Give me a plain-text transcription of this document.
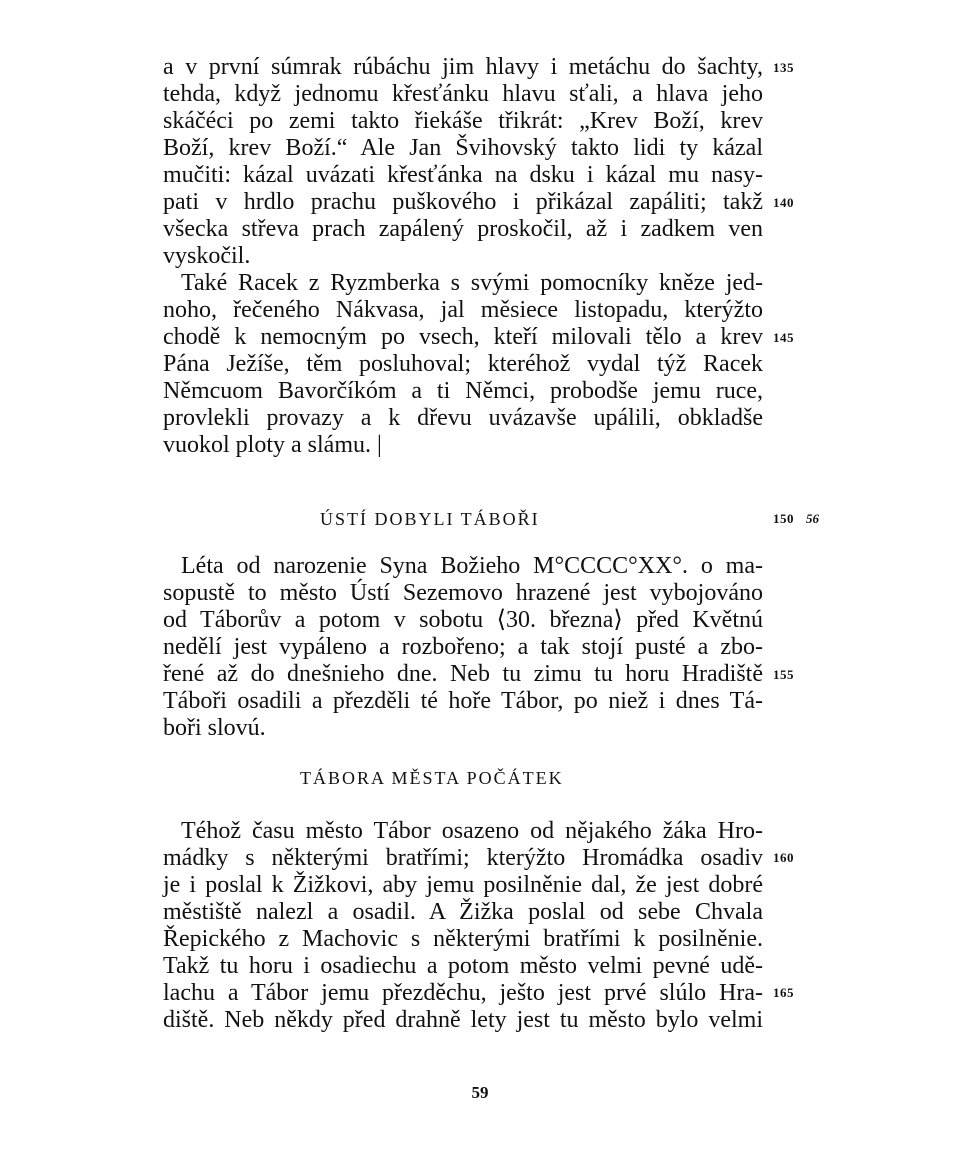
a v první súmrak rúbáchu jim hlavy i metáchu do šachty,
tehda, když jednomu křesťánku hlavu sťali, a hlava jeho
skáčéci po zemi takto řiekáše třikrát: „Krev Boží, krev
Boží, krev Boží.“ Ale Jan Švihovský takto lidi ty kázal
mučiti: kázal uvázati křesťánka na dsku i kázal mu nasy-
pati v hrdlo prachu puškového i přikázal zapáliti; takž
všecka střeva prach zapálený proskočil, až i zadkem ven
vyskočil.
Také Racek z Ryzmberka s svými pomocníky kněze jed-
noho, řečeného Nákvasa, jal měsiece listopadu, kterýžto
chodě k nemocným po vsech, kteří milovali tělo a krev
Pána Ježíše, těm posluhoval; kteréhož vydal týž Racek
Němcuom Bavorčíkóm a ti Němci, probodše jemu ruce,
provlekli provazy a k dřevu uvázavše upálili, obkladše
vuokol ploty a slámu. |
ÚSTÍ DOBYLI TÁBOŘI
Léta od narozenie Syna Božieho M°CCCC°XX°. o ma-
sopustě to město Ústí Sezemovo hrazené jest vybojováno
od Táborův a potom v sobotu ⟨30. března⟩ před Květnú
nedělí jest vypáleno a rozbořeno; a tak stojí pusté a zbo-
řené až do dnešnieho dne. Neb tu zimu tu horu Hradiště
Táboři osadili a přezděli té hoře Tábor, po niež i dnes Tá-
boři slovú.
TÁBORA MĚSTA POČÁTEK
Téhož času město Tábor osazeno od nějakého žáka Hro-
mádky s některými bratřími; kterýžto Hromádka osadiv
je i poslal k Žižkovi, aby jemu posilněnie dal, že jest dobré
městiště nalezl a osadil. A Žižka poslal od sebe Chvala
Řepického z Machovic s některými bratřími k posilněnie.
Takž tu horu i osadiechu a potom město velmi pevné udě-
lachu a Tábor jemu přezděchu, ješto jest prvé slúlo Hra-
diště. Neb někdy před drahně lety jest tu město bylo velmi
135
140
145
150 56
155
160
165
59
